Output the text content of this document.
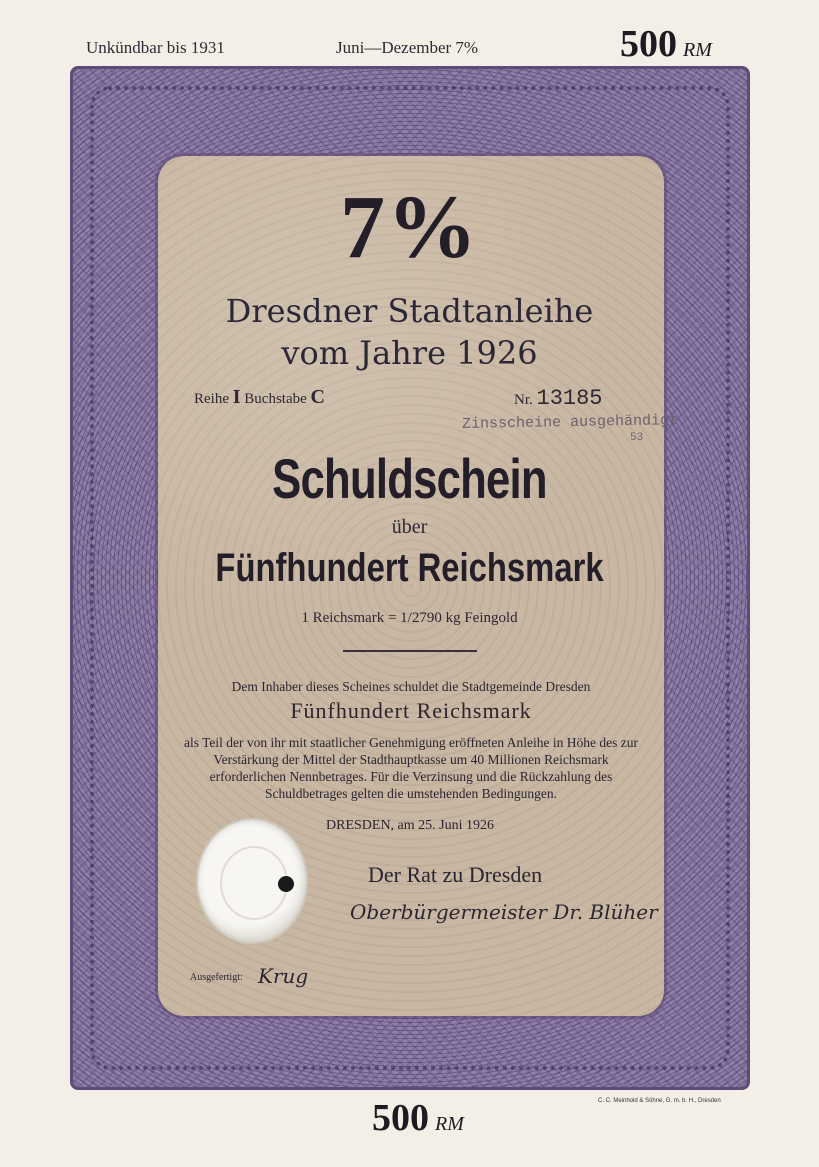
Unkündbar bis 1931	Juni—Dezember 7%	500 RM
7%
Dresdner Stadtanleihe
vom Jahre 1926
Reihe I Buchstabe C	Nr. 13185
Zinsscheine ausgehändigt
53
Schuldschein
über
Fünfhundert Reichsmark
1 Reichsmark = 1/2790 kg Feingold
Dem Inhaber dieses Scheines schuldet die Stadtgemeinde Dresden
Fünfhundert Reichsmark
als Teil der von ihr mit staatlicher Genehmigung eröffneten Anleihe in Höhe des zur Verstärkung der Mittel der Stadthauptkasse um 40 Millionen Reichsmark erforderlichen Nennbetrages. Für die Verzinsung und die Rückzahlung des Schuldbetrages gelten die umstehenden Bedingungen.
DRESDEN, am 25. Juni 1926
Der Rat zu Dresden
Oberbürgermeister Dr. Blüher
Ausgefertigt: Krug
500 RM
C. C. Meinhold & Söhne, G. m. b. H., Dresden
